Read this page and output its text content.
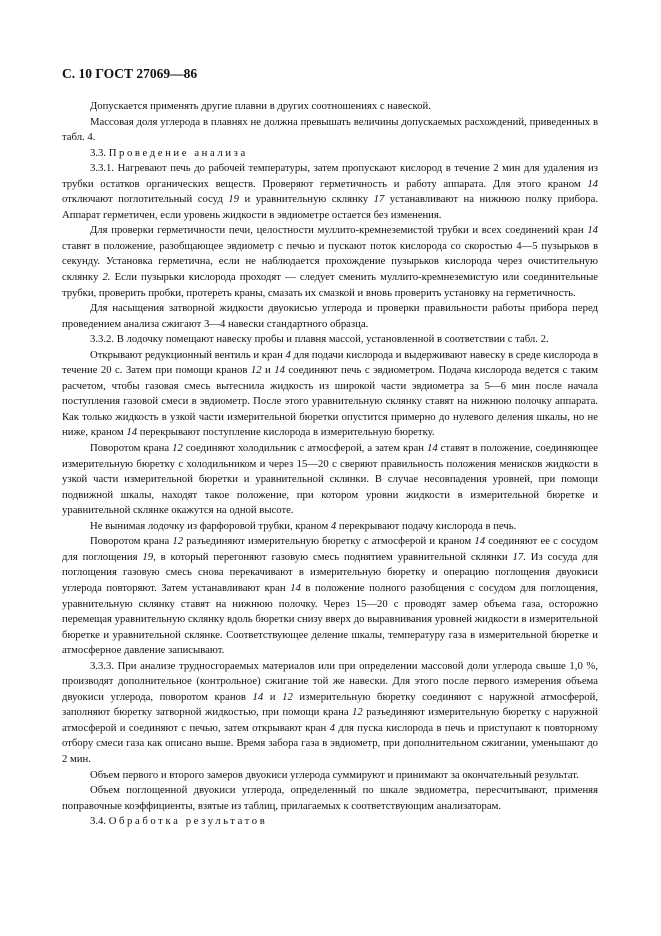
С. 10 ГОСТ 27069—86

Допускается применять другие плавни в других соотношениях с навеской.

Массовая доля углерода в плавнях не должна превышать величины допускаемых расхождений, приведенных в табл. 4.

3.3. Проведение анализа

3.3.1. Нагревают печь до рабочей температуры, затем пропускают кислород в течение 2 мин для удаления из трубки остатков органических веществ. Проверяют герметичность и работу аппарата. Для этого краном 14 отключают поглотительный сосуд 19 и уравнительную склянку 17 устанавливают на нижнюю полку прибора. Аппарат герметичен, если уровень жидкости в эвдиометре остается без изменения.

Для проверки герметичности печи, целостности муллито-кремнеземистой трубки и всех соединений кран 14 ставят в положение, разобщающее эвдиометр с печью и пускают поток кислорода со скоростью 4—5 пузырьков в секунду. Установка герметична, если не наблюдается прохождение пузырьков кислорода через очистительную склянку 2. Если пузырьки кислорода проходят — следует сменить муллито-кремнеземистую или соединительные трубки, проверить пробки, протереть краны, смазать их смазкой и вновь проверить установку на герметичность.

Для насыщения затворной жидкости двуокисью углерода и проверки правильности работы прибора перед проведением анализа сжигают 3—4 навески стандартного образца.

3.3.2. В лодочку помещают навеску пробы и плавня массой, установленной в соответствии с табл. 2.

Открывают редукционный вентиль и кран 4 для подачи кислорода и выдерживают навеску в среде кислорода в течение 20 с. Затем при помощи кранов 12 и 14 соединяют печь с эвдиометром. Подача кислорода ведется с таким расчетом, чтобы газовая смесь вытеснила жидкость из широкой части эвдиометра за 5—6 мин после начала поступления газовой смеси в эвдиометр. После этого уравнительную склянку ставят на нижнюю полочку аппарата. Как только жидкость в узкой части измерительной бюретки опустится примерно до нулевого деления шкалы, но не ниже, краном 14 перекрывают поступление кислорода в измерительную бюретку.

Поворотом крана 12 соединяют холодильник с атмосферой, а затем кран 14 ставят в положение, соединяющее измерительную бюретку с холодильником и через 15—20 с сверяют правильность положения менисков жидкости в узкой части измерительной бюретки и уравнительной склянки. В случае несовпадения уровней, при помощи подвижной шкалы, находят такое положение, при котором уровни жидкости в измерительной бюретке и уравнительной склянке окажутся на одной высоте.

Не вынимая лодочку из фарфоровой трубки, краном 4 перекрывают подачу кислорода в печь.

Поворотом крана 12 разъединяют измерительную бюретку с атмосферой и краном 14 соединяют ее с сосудом для поглощения 19, в который перегоняют газовую смесь поднятием уравнительной склянки 17. Из сосуда для поглощения газовую смесь снова перекачивают в измерительную бюретку и операцию поглощения двуокиси углерода повторяют. Затем устанавливают кран 14 в положение полного разобщения с сосудом для поглощения, уравнительную склянку ставят на нижнюю полочку. Через 15—20 с проводят замер объема газа, осторожно перемещая уравнительную склянку вдоль бюретки снизу вверх до выравнивания уровней жидкости в измерительной бюретке и уравнительной склянке. Соответствующее деление шкалы, температуру газа в измерительной бюретке и атмосферное давление записывают.

3.3.3. При анализе трудносгораемых материалов или при определении массовой доли углерода свыше 1,0 %, производят дополнительное (контрольное) сжигание той же навески. Для этого после первого измерения объема двуокиси углерода, поворотом кранов 14 и 12 измерительную бюретку соединяют с наружной атмосферой, заполняют бюретку затворной жидкостью, при помощи крана 12 разъединяют измерительную бюретку с наружной атмосферой и соединяют с печью, затем открывают кран 4 для пуска кислорода в печь и приступают к повторному отбору смеси газа как описано выше. Время забора газа в эвдиометр, при дополнительном сжигании, уменьшают до 2 мин.

Объем первого и второго замеров двуокиси углерода суммируют и принимают за окончательный результат.

Объем поглощенной двуокиси углерода, определенный по шкале эвдиометра, пересчитывают, применяя поправочные коэффициенты, взятые из таблиц, прилагаемых к соответствующим анализаторам.

3.4. Обработка результатов
